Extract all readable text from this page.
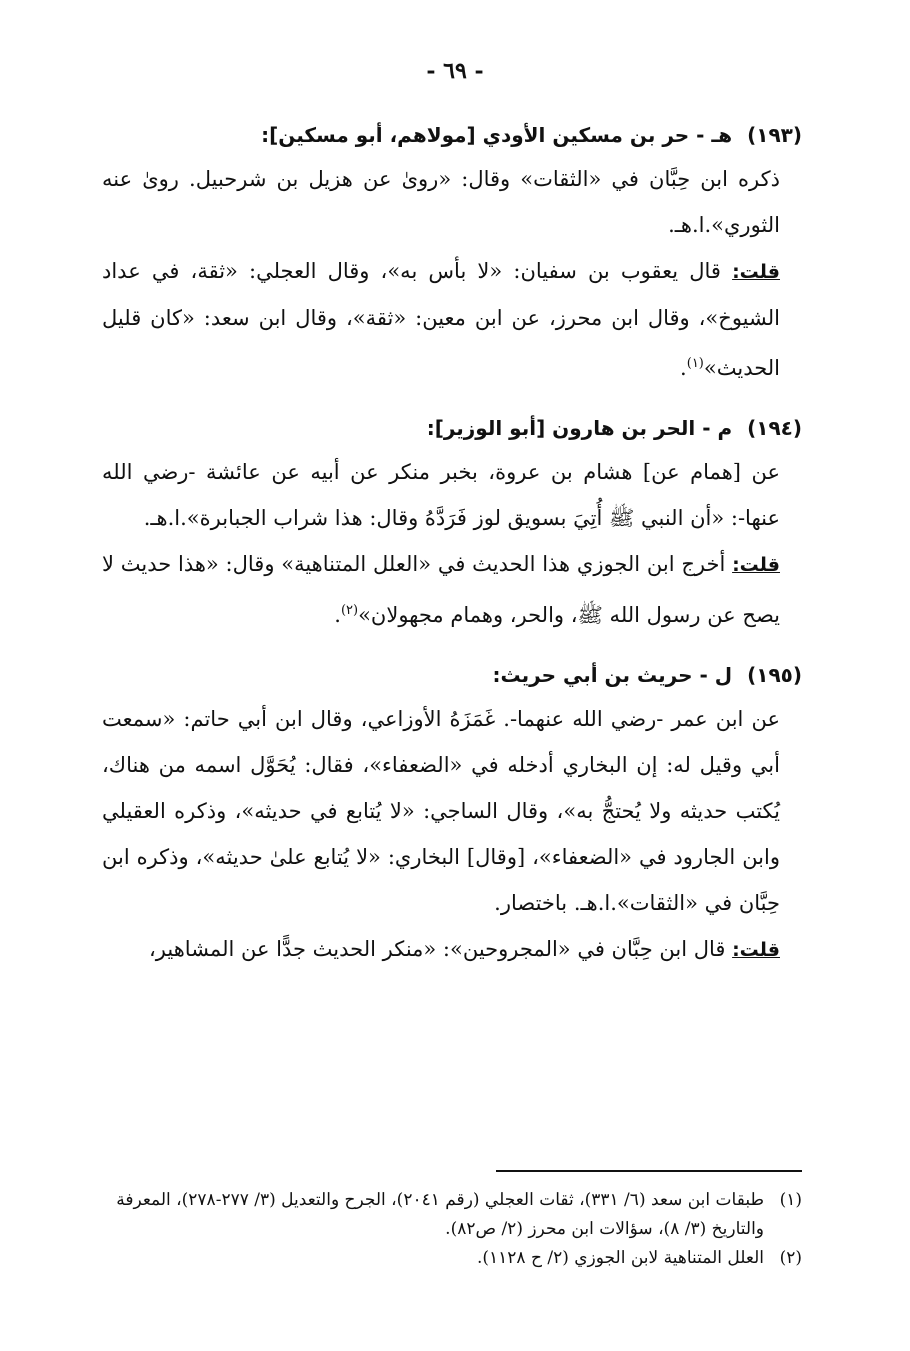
- ٦٩ -
(١٩٣) هـ - حر بن مسكين الأودي [مولاهم، أبو مسكين]:
ذكره ابن حِبَّان في «الثقات» وقال: «روىٰ عن هزيل بن شرحبيل. روىٰ عنه الثوري».ا.هـ.
قلت: قال يعقوب بن سفيان: «لا بأس به»، وقال العجلي: «ثقة، في عداد الشيوخ»، وقال ابن محرز، عن ابن معين: «ثقة»، وقال ابن سعد: «كان قليل الحديث»$^{(١)}$.
(١٩٤) م - الحر بن هارون [أبو الوزير]:
عن [همام عن] هشام بن عروة، بخبر منكر عن أبيه عن عائشة -رضي الله عنها-: «أن النبي ﷺ أُتِيَ بسويق لوز فَرَدَّهُ وقال: هذا شراب الجبابرة».ا.هـ.
قلت: أخرج ابن الجوزي هذا الحديث في «العلل المتناهية» وقال: «هذا حديث لا يصح عن رسول الله ﷺ، والحر، وهمام مجهولان»$^{(٢)}$.
(١٩٥) ل - حريث بن أبي حريث:
عن ابن عمر -رضي الله عنهما-. غَمَزَهُ الأوزاعي، وقال ابن أبي حاتم: «سمعت أبي وقيل له: إن البخاري أدخله في «الضعفاء»، فقال: يُحَوَّل اسمه من هناك، يُكتب حديثه ولا يُحتجُّ به»، وقال الساجي: «لا يُتابع في حديثه»، وذكره العقيلي وابن الجارود في «الضعفاء»، [وقال] البخاري: «لا يُتابع علىٰ حديثه»، وذكره ابن حِبَّان في «الثقات».ا.هـ. باختصار.
قلت: قال ابن حِبَّان في «المجروحين»: «منكر الحديث جدًّا عن المشاهير،
(١)
طبقات ابن سعد (٦/ ٣٣١)، ثقات العجلي (رقم ٢٠٤١)، الجرح والتعديل (٣/ ٢٧٧-٢٧٨)، المعرفة والتاريخ (٣/ ٨)، سؤالات ابن محرز (٢/ ص٨٢).
(٢)
العلل المتناهية لابن الجوزي (٢/ ح ١١٢٨).
